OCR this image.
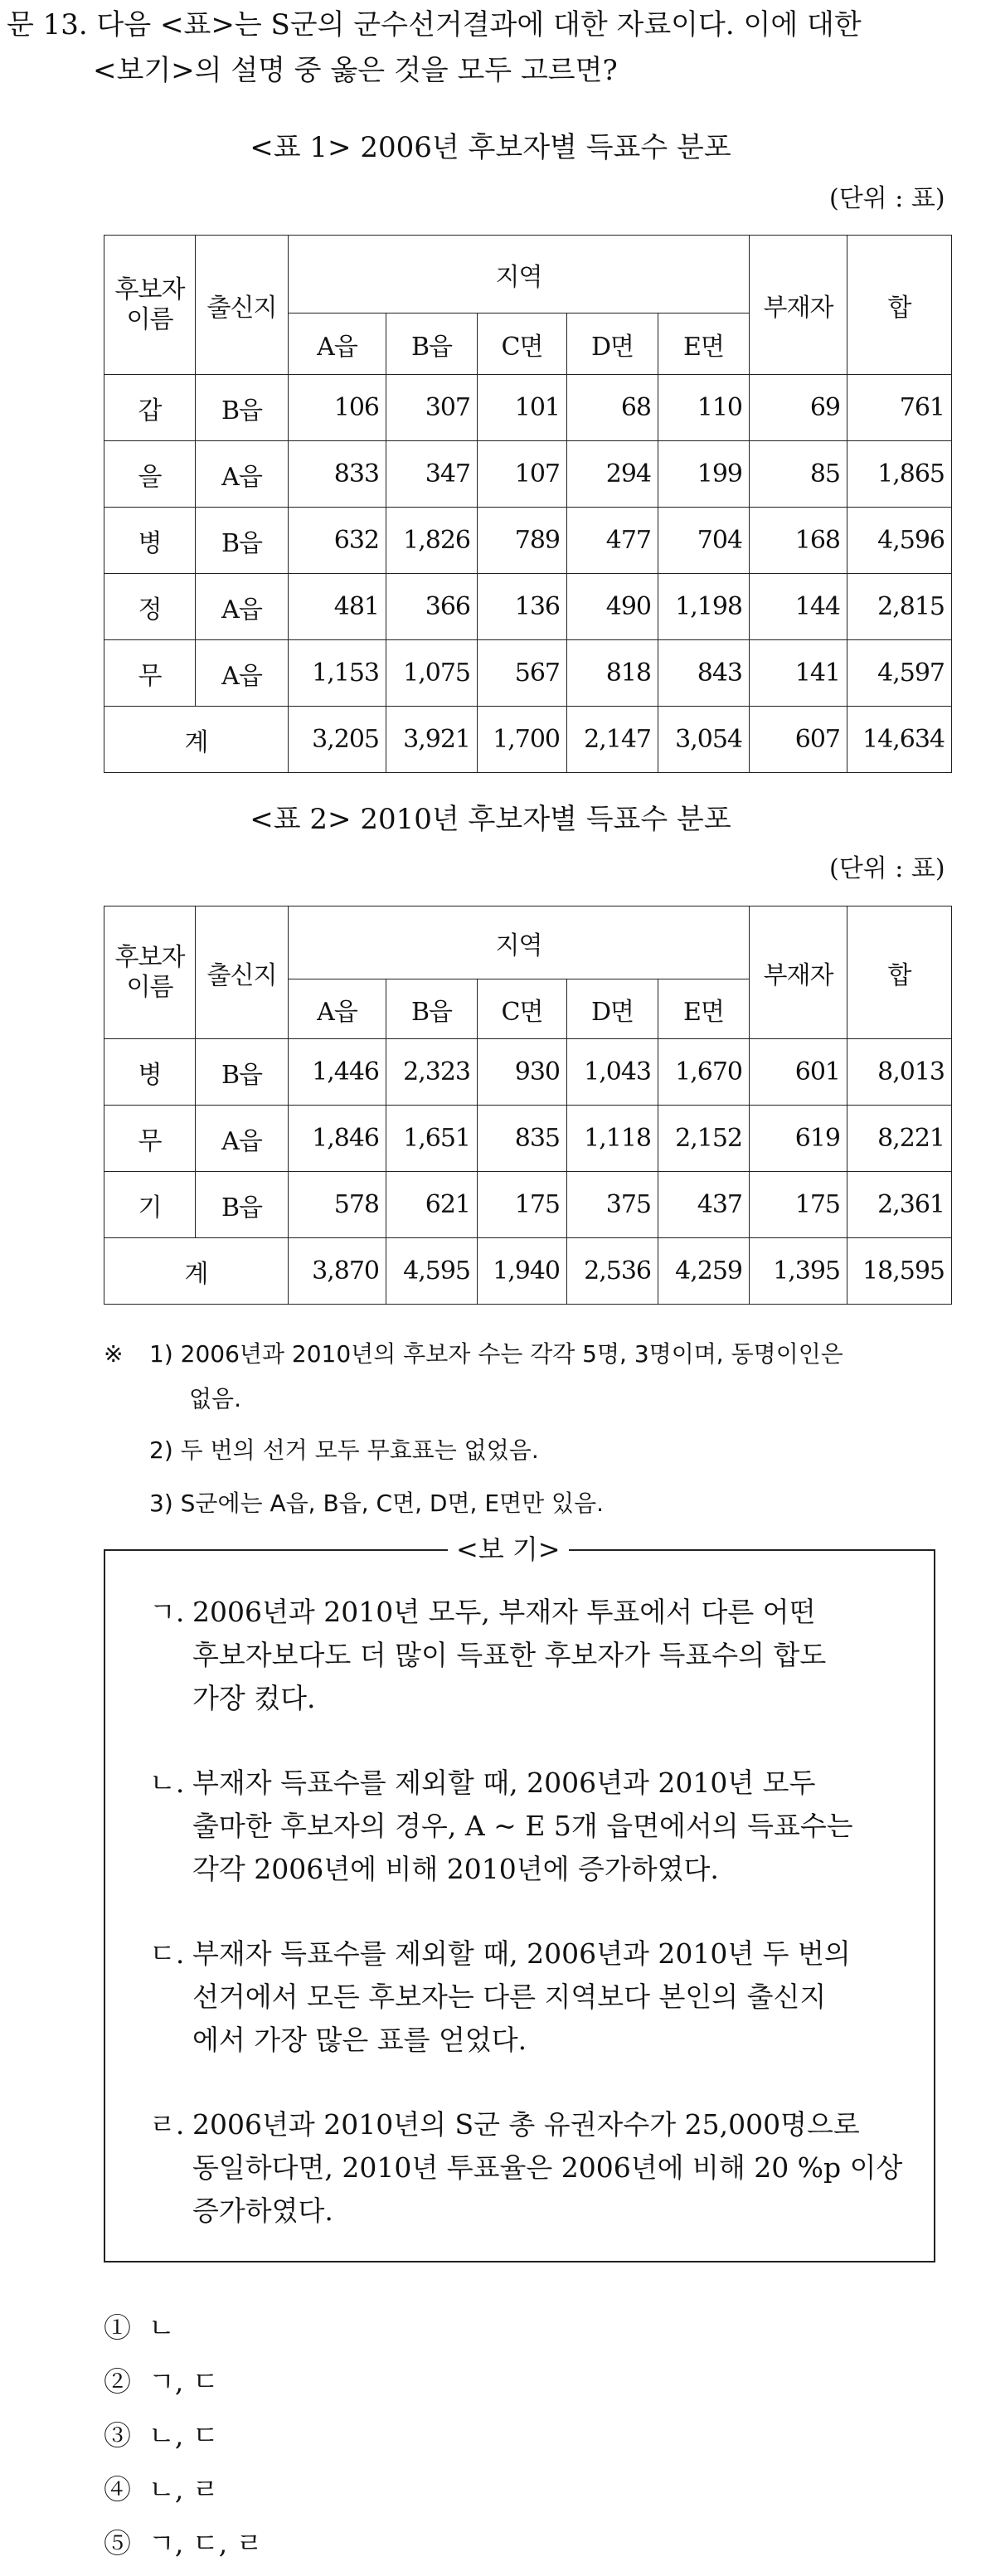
문 13. 다음 <표>는 S군의 군수선거결과에 대한 자료이다. 이에 대한
<보기>의 설명 중 옳은 것을 모두 고르면?
<표 1> 2006년 후보자별 득표수 분포
(단위 : 표)
후보자
이름	출신지	지역					부재자	합
		A읍	B읍	C면	D면	E면		
갑	B읍	106	307	101	68	110	69	761
을	A읍	833	347	107	294	199	85	1,865
병	B읍	632	1,826	789	477	704	168	4,596
정	A읍	481	366	136	490	1,198	144	2,815
무	A읍	1,153	1,075	567	818	843	141	4,597
계		3,205	3,921	1,700	2,147	3,054	607	14,634
<표 2> 2010년 후보자별 득표수 분포
(단위 : 표)
후보자
이름	출신지	지역					부재자	합
		A읍	B읍	C면	D면	E면		
병	B읍	1,446	2,323	930	1,043	1,670	601	8,013
무	A읍	1,846	1,651	835	1,118	2,152	619	8,221
기	B읍	578	621	175	375	437	175	2,361
계		3,870	4,595	1,940	2,536	4,259	1,395	18,595
※ 1) 2006년과 2010년의 후보자 수는 각각 5명, 3명이며, 동명이인은
없음.
2) 두 번의 선거 모두 무효표는 없었음.
3) S군에는 A읍, B읍, C면, D면, E면만 있음.
<보 기>
ㄱ. 2006년과 2010년 모두, 부재자 투표에서 다른 어떤
후보자보다도 더 많이 득표한 후보자가 득표수의 합도
가장 컸다.
ㄴ. 부재자 득표수를 제외할 때, 2006년과 2010년 모두
출마한 후보자의 경우, A ~ E 5개 읍면에서의 득표수는
각각 2006년에 비해 2010년에 증가하였다.
ㄷ. 부재자 득표수를 제외할 때, 2006년과 2010년 두 번의
선거에서 모든 후보자는 다른 지역보다 본인의 출신지
에서 가장 많은 표를 얻었다.
ㄹ. 2006년과 2010년의 S군 총 유권자수가 25,000명으로
동일하다면, 2010년 투표율은 2006년에 비해 20 %p 이상
증가하였다.
① ㄴ
② ㄱ, ㄷ
③ ㄴ, ㄷ
④ ㄴ, ㄹ
⑤ ㄱ, ㄷ, ㄹ
